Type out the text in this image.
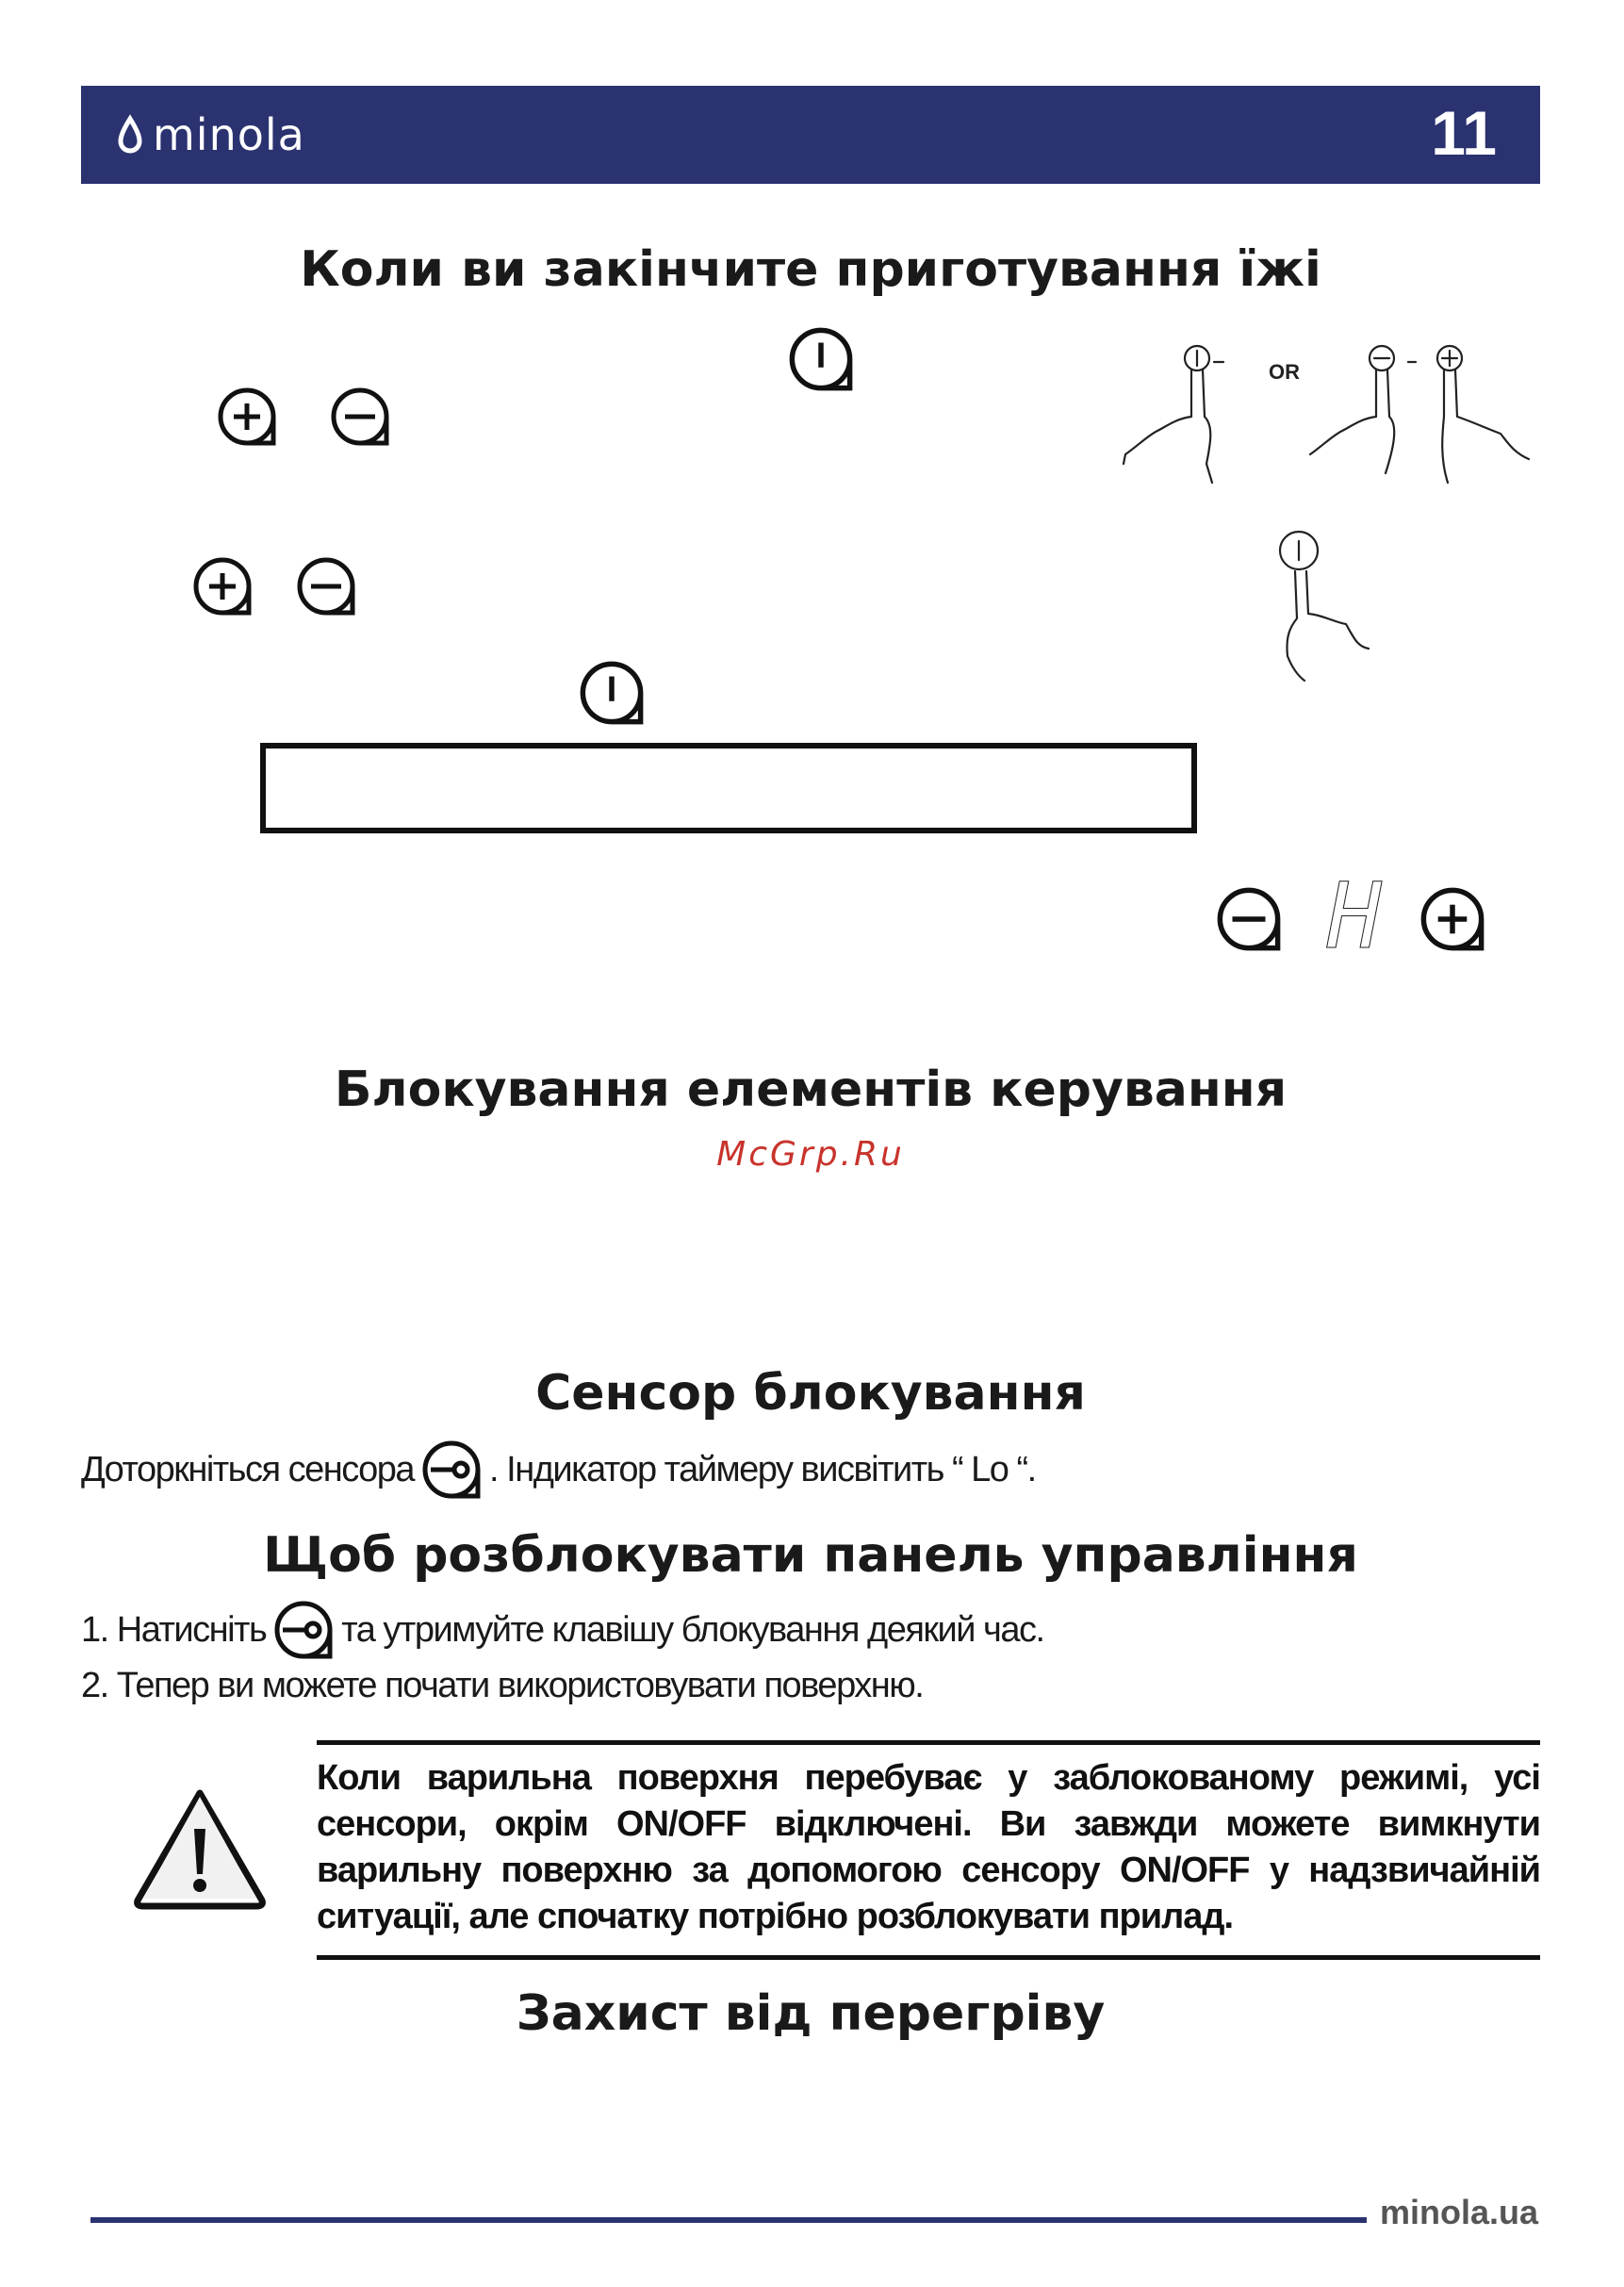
minola	11
Коли ви закінчите приготування їжі
OR
H
Блокування елементів керування
McGrp.Ru
Сенсор блокування
Доторкніться сенсора . Індикатор таймеру висвітить “ Lo “.
Щоб розблокувати панель управління
1. Натисніть та утримуйте клавішу блокування деякий час.
2. Тепер ви можете почати використовувати поверхню.
Коли варильна поверхня перебуває у заблокованому режимі, усі сенсори, окрім ON/OFF відключені. Ви завжди можете вимкнути варильну поверхню за допомогою сенсору ON/OFF у надзвичайній ситуації, але спочатку потрібно розблокувати прилад.
Захист від перегріву
minola.ua
